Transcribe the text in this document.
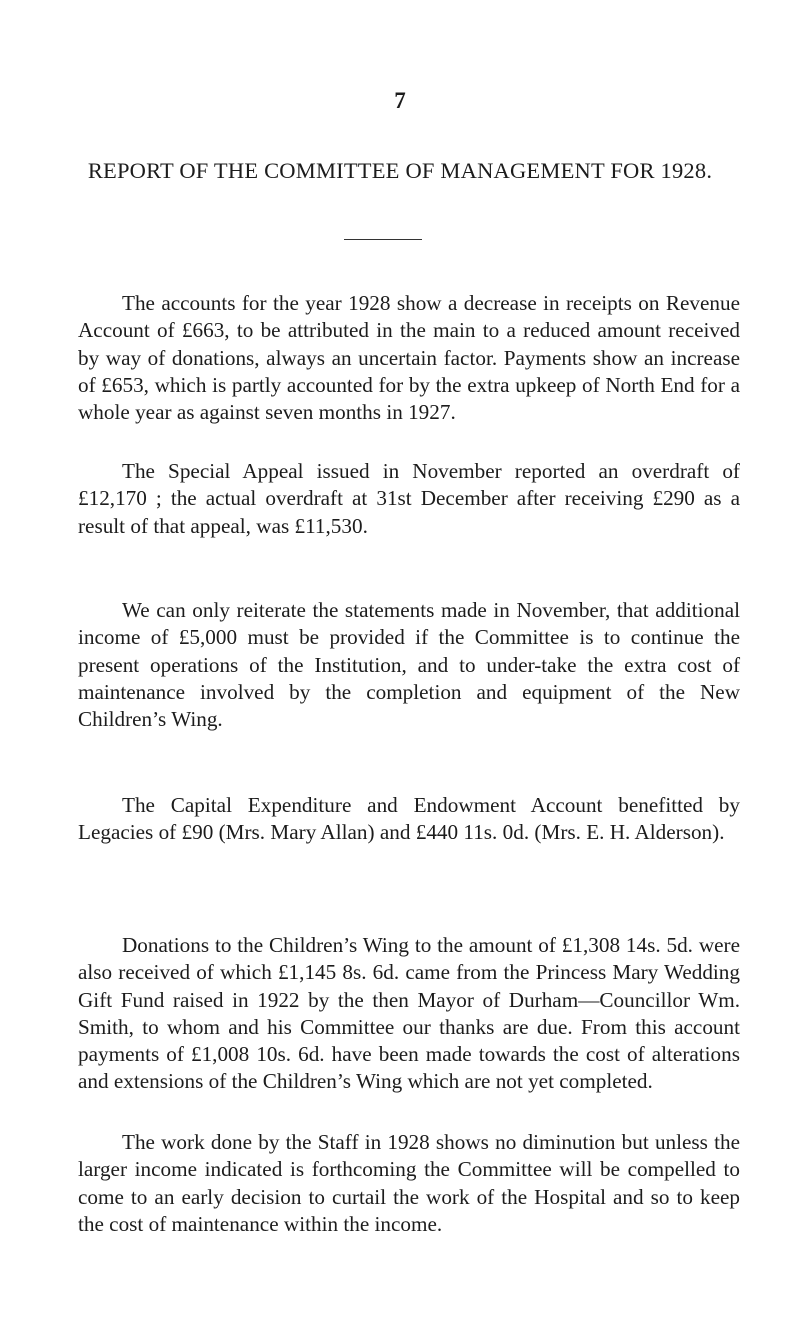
7
REPORT OF THE COMMITTEE OF MANAGEMENT FOR 1928.
The accounts for the year 1928 show a decrease in receipts on Revenue Account of £663, to be attributed in the main to a reduced amount received by way of donations, always an uncertain factor. Payments show an increase of £653, which is partly accounted for by the extra upkeep of North End for a whole year as against seven months in 1927.
The Special Appeal issued in November reported an overdraft of £12,170 ; the actual overdraft at 31st December after receiving £290 as a result of that appeal, was £11,530.
We can only reiterate the statements made in November, that additional income of £5,000 must be provided if the Committee is to continue the present operations of the Institution, and to under-take the extra cost of maintenance involved by the completion and equipment of the New Children’s Wing.
The Capital Expenditure and Endowment Account benefitted by Legacies of £90 (Mrs. Mary Allan) and £440 11s. 0d. (Mrs. E. H. Alderson).
Donations to the Children’s Wing to the amount of £1,308 14s. 5d. were also received of which £1,145 8s. 6d. came from the Princess Mary Wedding Gift Fund raised in 1922 by the then Mayor of Durham—Councillor Wm. Smith, to whom and his Committee our thanks are due. From this account payments of £1,008 10s. 6d. have been made towards the cost of alterations and extensions of the Children’s Wing which are not yet completed.
The work done by the Staff in 1928 shows no diminution but unless the larger income indicated is forthcoming the Committee will be compelled to come to an early decision to curtail the work of the Hospital and so to keep the cost of maintenance within the income.
